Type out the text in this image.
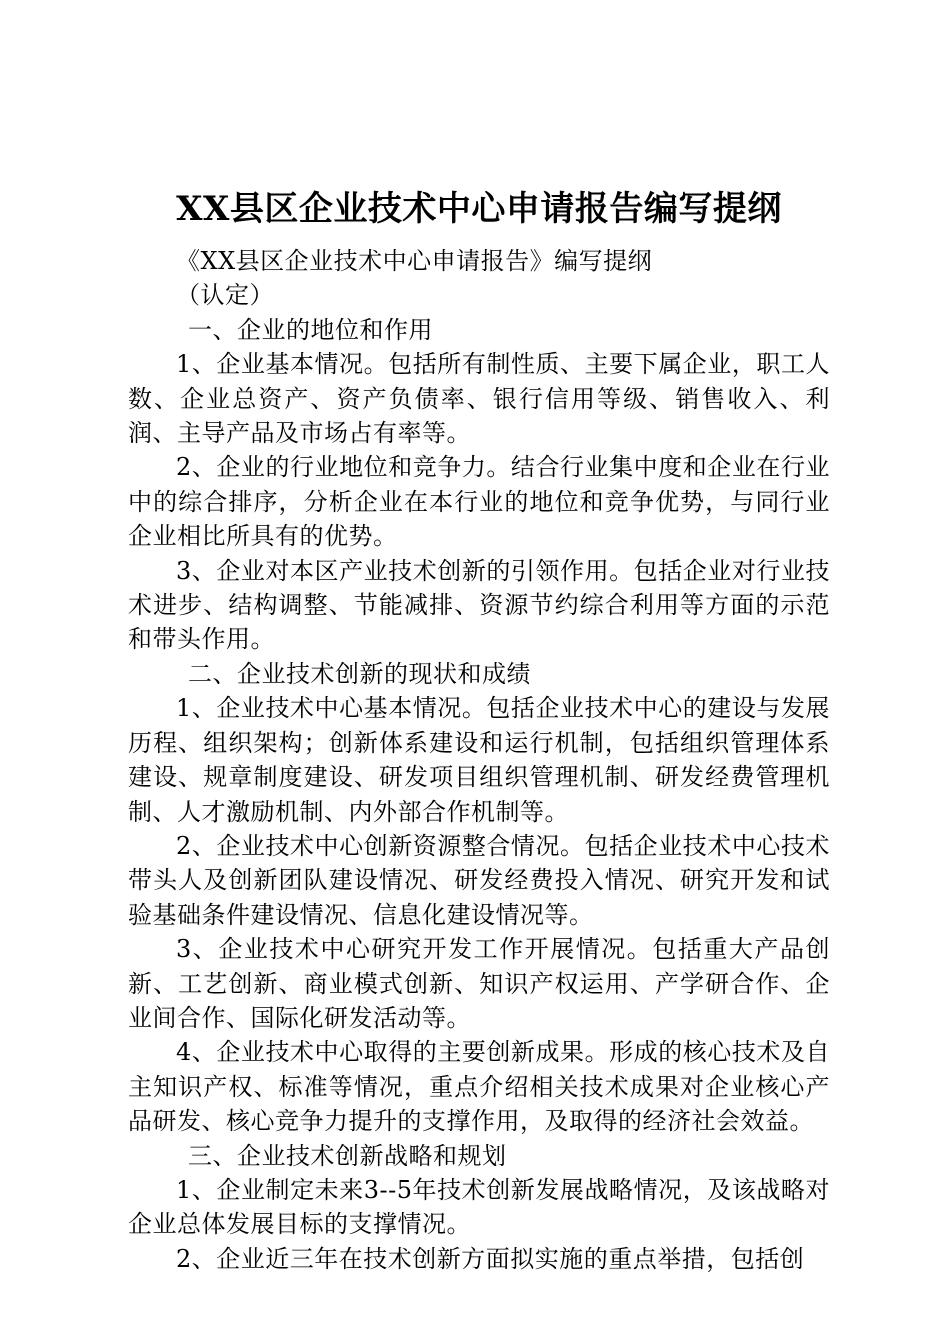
XX县区企业技术中心申请报告编写提纲

《XX县区企业技术中心申请报告》编写提纲

（认定）

一、企业的地位和作用

1、企业基本情况。包括所有制性质、主要下属企业，职工人数、企业总资产、资产负债率、银行信用等级、销售收入、利润、主导产品及市场占有率等。

2、企业的行业地位和竞争力。结合行业集中度和企业在行业中的综合排序，分析企业在本行业的地位和竞争优势，与同行业企业相比所具有的优势。

3、企业对本区产业技术创新的引领作用。包括企业对行业技术进步、结构调整、节能减排、资源节约综合利用等方面的示范和带头作用。

二、企业技术创新的现状和成绩

1、企业技术中心基本情况。包括企业技术中心的建设与发展历程、组织架构；创新体系建设和运行机制，包括组织管理体系建设、规章制度建设、研发项目组织管理机制、研发经费管理机制、人才激励机制、内外部合作机制等。

2、企业技术中心创新资源整合情况。包括企业技术中心技术带头人及创新团队建设情况、研发经费投入情况、研究开发和试验基础条件建设情况、信息化建设情况等。

3、企业技术中心研究开发工作开展情况。包括重大产品创新、工艺创新、商业模式创新、知识产权运用、产学研合作、企业间合作、国际化研发活动等。

4、企业技术中心取得的主要创新成果。形成的核心技术及自主知识产权、标准等情况，重点介绍相关技术成果对企业核心产品研发、核心竞争力提升的支撑作用，及取得的经济社会效益。

三、企业技术创新战略和规划

1、企业制定未来3--5年技术创新发展战略情况，及该战略对企业总体发展目标的支撑情况。

2、企业近三年在技术创新方面拟实施的重点举措，包括创
